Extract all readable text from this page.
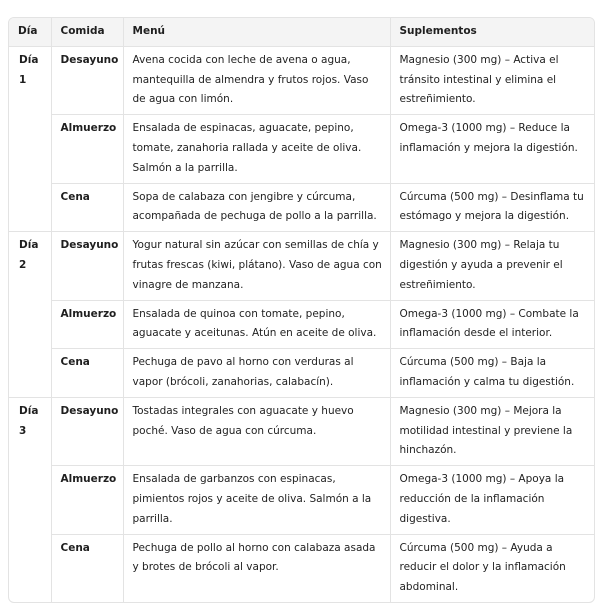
Día	Comida	Menú	Suplementos
Día 1	Desayuno	Avena cocida con leche de avena o agua, mantequilla de almendra y frutos rojos. Vaso de agua con limón.	Magnesio (300 mg) – Activa el tránsito intestinal y elimina el estreñimiento.
	Almuerzo	Ensalada de espinacas, aguacate, pepino, tomate, zanahoria rallada y aceite de oliva. Salmón a la parrilla.	Omega-3 (1000 mg) – Reduce la inflamación y mejora la digestión.
	Cena	Sopa de calabaza con jengibre y cúrcuma, acompañada de pechuga de pollo a la parrilla.	Cúrcuma (500 mg) – Desinflama tu estómago y mejora la digestión.
Día 2	Desayuno	Yogur natural sin azúcar con semillas de chía y frutas frescas (kiwi, plátano). Vaso de agua con vinagre de manzana.	Magnesio (300 mg) – Relaja tu digestión y ayuda a prevenir el estreñimiento.
	Almuerzo	Ensalada de quinoa con tomate, pepino, aguacate y aceitunas. Atún en aceite de oliva.	Omega-3 (1000 mg) – Combate la inflamación desde el interior.
	Cena	Pechuga de pavo al horno con verduras al vapor (brócoli, zanahorias, calabacín).	Cúrcuma (500 mg) – Baja la inflamación y calma tu digestión.
Día 3	Desayuno	Tostadas integrales con aguacate y huevo poché. Vaso de agua con cúrcuma.	Magnesio (300 mg) – Mejora la motilidad intestinal y previene la hinchazón.
	Almuerzo	Ensalada de garbanzos con espinacas, pimientos rojos y aceite de oliva. Salmón a la parrilla.	Omega-3 (1000 mg) – Apoya la reducción de la inflamación digestiva.
	Cena	Pechuga de pollo al horno con calabaza asada y brotes de brócoli al vapor.	Cúrcuma (500 mg) – Ayuda a reducir el dolor y la inflamación abdominal.
